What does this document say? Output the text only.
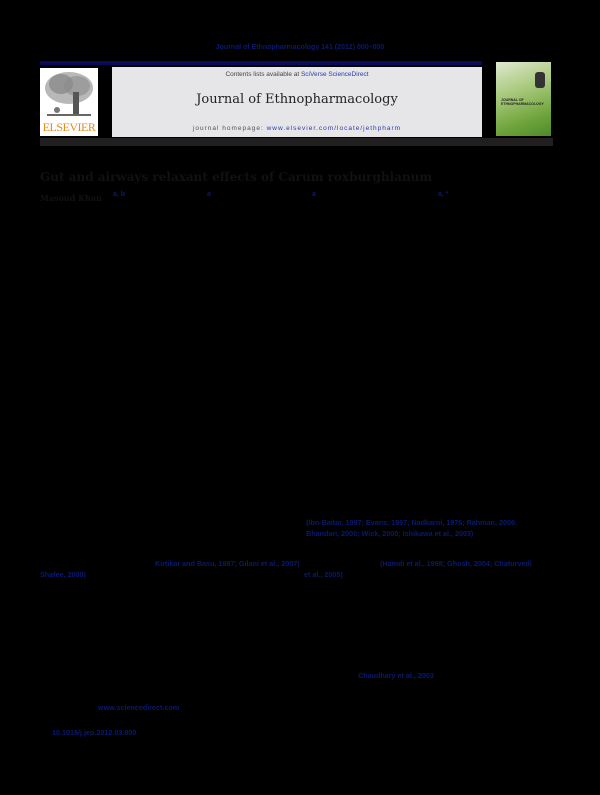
Journal of Ethnopharmacology 141 (2012) 000–000
ELSEVIER
Contents lists available at SciVerse ScienceDirect
Journal of Ethnopharmacology
journal homepage: www.elsevier.com/locate/jethpharm
JOURNAL OF ETHNOPHARMACOLOGY
Gut and airways relaxant effects of Carum roxburghianum
Masoud Khan a, b	a	a	a, *
(Ibn-Baitar, 1997; Evans, 1997; Nadkarni, 1976; Rahman, 2006;
Bhandari, 2000; Wick, 2000; Ishikawa et al., 2003)
Kirtikar and Basu, 1987; Gilani et al., 2007)
Shafee, 2008)
(Hamdi et al., 1998; Ghosh, 2004; Chaturvedi
et al., 2005)
Chaudhary et al., 2003
www.sciencedirect.com
10.1016/j.jep.2012.03.000
